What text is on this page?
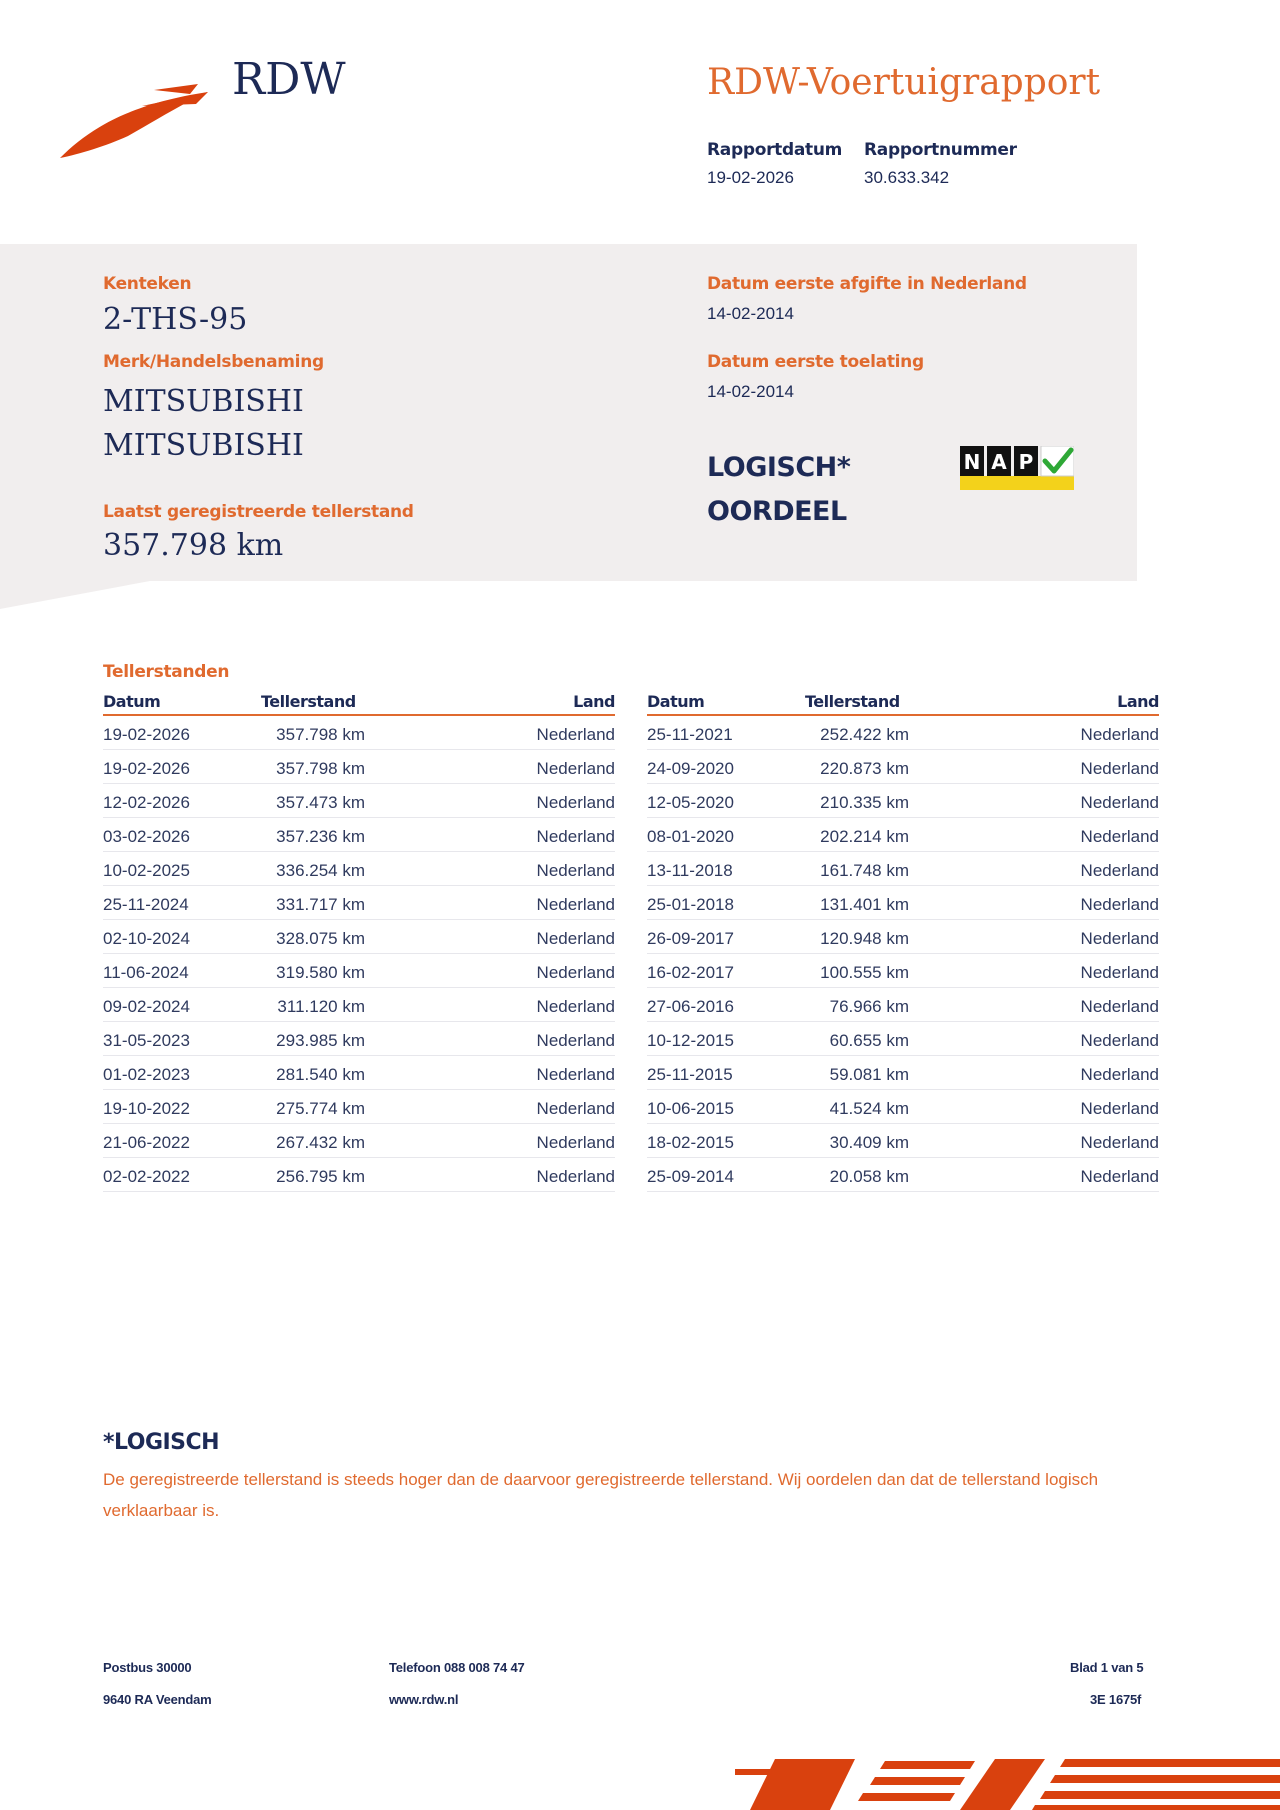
RDW	RDW-Voertuigrapport
Rapportdatum
19-02-2026
Rapportnummer
30.633.342
Kenteken
2-THS-95
Merk/Handelsbenaming
MITSUBISHI
MITSUBISHI
Laatst geregistreerde tellerstand
357.798 km
Datum eerste afgifte in Nederland
14-02-2014
Datum eerste toelating
14-02-2014
LOGISCH*
OORDEEL
N A P
Tellerstanden
Datum	Tellerstand	Land
19-02-2026	357.798 km	Nederland
19-02-2026	357.798 km	Nederland
12-02-2026	357.473 km	Nederland
03-02-2026	357.236 km	Nederland
10-02-2025	336.254 km	Nederland
25-11-2024	331.717 km	Nederland
02-10-2024	328.075 km	Nederland
11-06-2024	319.580 km	Nederland
09-02-2024	311.120 km	Nederland
31-05-2023	293.985 km	Nederland
01-02-2023	281.540 km	Nederland
19-10-2022	275.774 km	Nederland
21-06-2022	267.432 km	Nederland
02-02-2022	256.795 km	Nederland
Datum	Tellerstand	Land
25-11-2021	252.422 km	Nederland
24-09-2020	220.873 km	Nederland
12-05-2020	210.335 km	Nederland
08-01-2020	202.214 km	Nederland
13-11-2018	161.748 km	Nederland
25-01-2018	131.401 km	Nederland
26-09-2017	120.948 km	Nederland
16-02-2017	100.555 km	Nederland
27-06-2016	76.966 km	Nederland
10-12-2015	60.655 km	Nederland
25-11-2015	59.081 km	Nederland
10-06-2015	41.524 km	Nederland
18-02-2015	30.409 km	Nederland
25-09-2014	20.058 km	Nederland
*LOGISCH
De geregistreerde tellerstand is steeds hoger dan de daarvoor geregistreerde tellerstand. Wij oordelen dan dat de tellerstand logisch verklaarbaar is.
Postbus 30000
9640 RA Veendam
Telefoon 088 008 74 47
www.rdw.nl
Blad 1 van 5
3E 1675f
